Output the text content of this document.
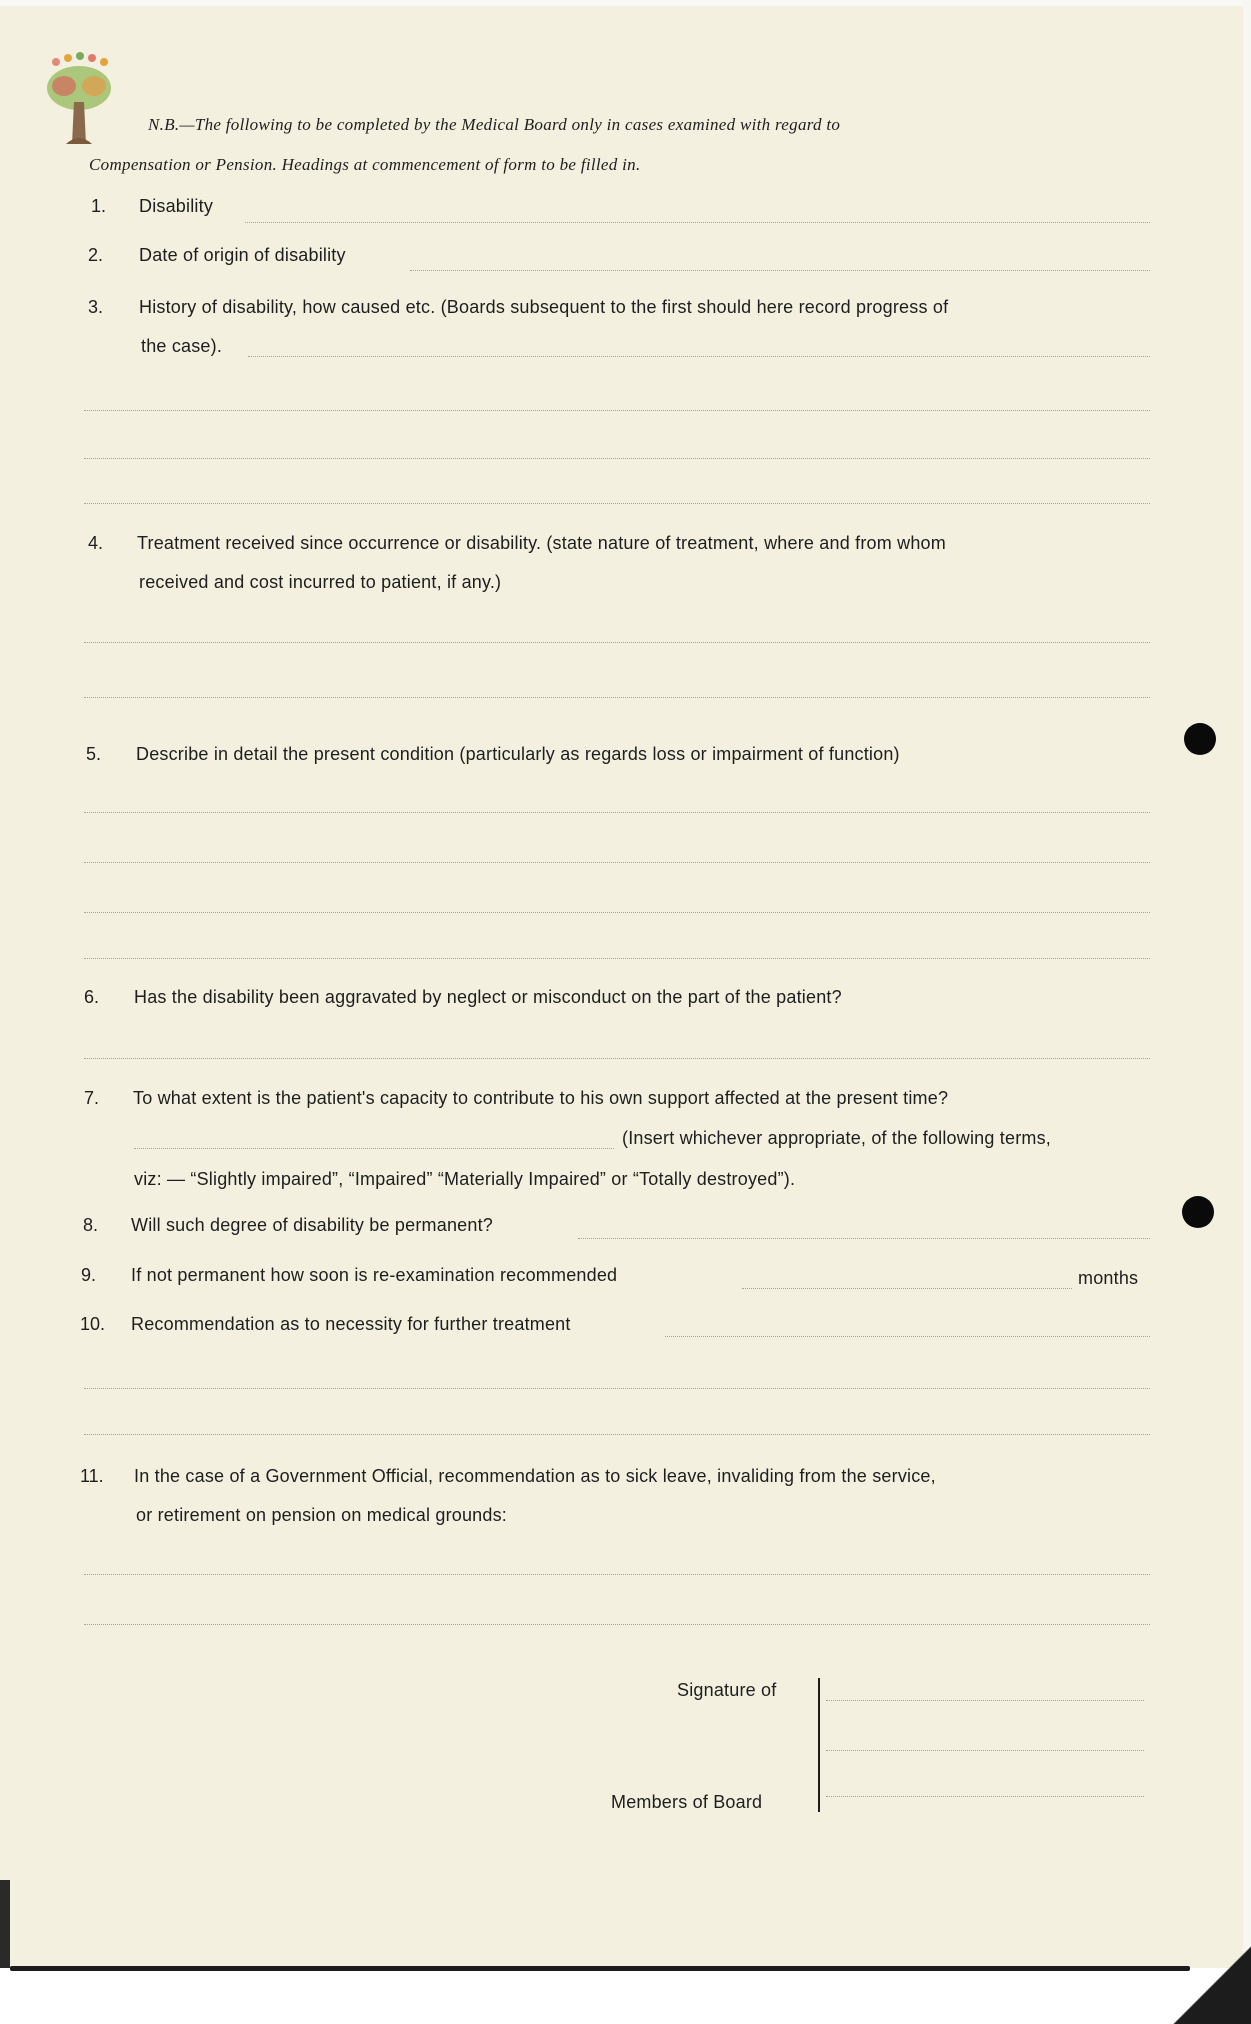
N.B.—The following to be completed by the Medical Board only in cases examined with regard to
Compensation or Pension. Headings at commencement of form to be filled in.
1. Disability
2. Date of origin of disability
3. History of disability, how caused etc. (Boards subsequent to the first should here record progress of
the case).
4. Treatment received since occurrence or disability. (state nature of treatment, where and from whom
received and cost incurred to patient, if any.)
5. Describe in detail the present condition (particularly as regards loss or impairment of function)
6. Has the disability been aggravated by neglect or misconduct on the part of the patient?
7. To what extent is the patient's capacity to contribute to his own support affected at the present time?
(Insert whichever appropriate, of the following terms,
viz: — “Slightly impaired”, “Impaired” “Materially Impaired” or “Totally destroyed”).
8. Will such degree of disability be permanent?
9. If not permanent how soon is re-examination recommended	months
10. Recommendation as to necessity for further treatment
11. In the case of a Government Official, recommendation as to sick leave, invaliding from the service,
or retirement on pension on medical grounds:
Signature of
Members of Board
